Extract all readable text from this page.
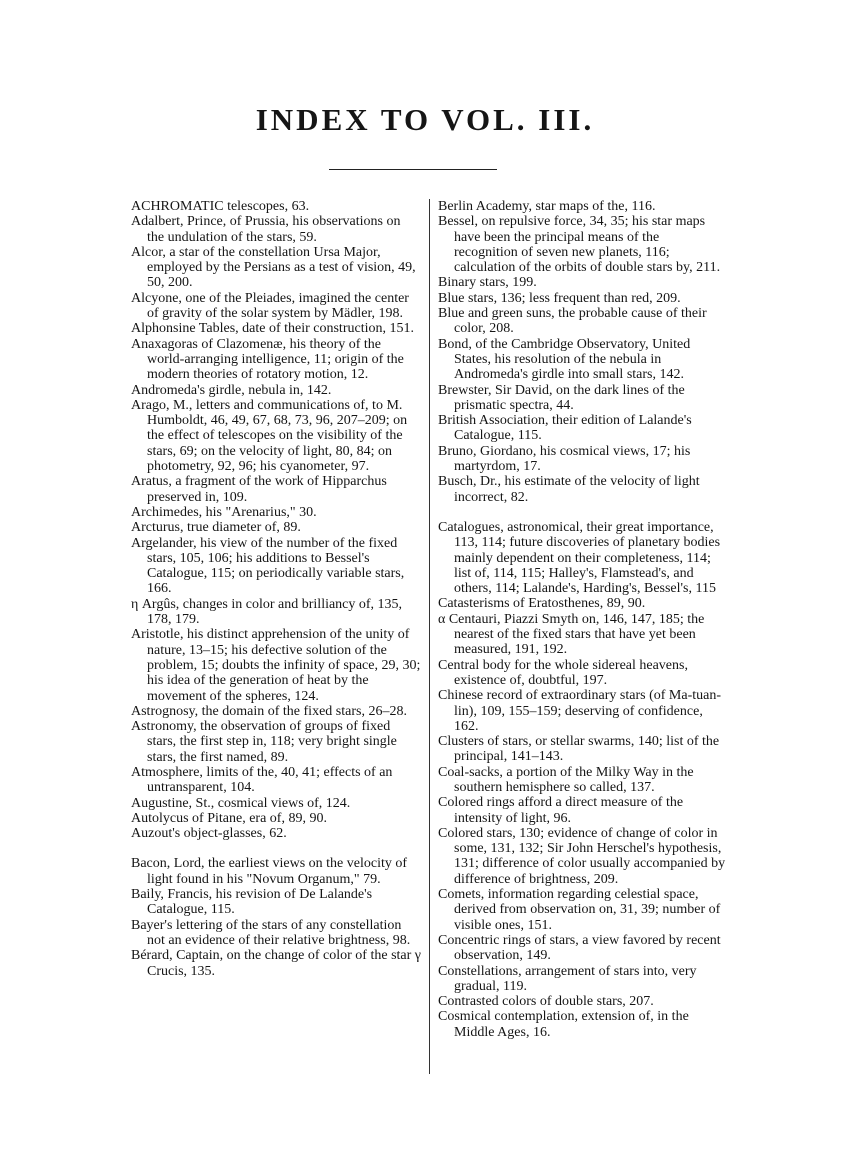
INDEX TO VOL. III.
ACHROMATIC telescopes, 63.
Adalbert, Prince, of Prussia, his observations on the undulation of the stars, 59.
Alcor, a star of the constellation Ursa Major, employed by the Persians as a test of vision, 49, 50, 200.
Alcyone, one of the Pleiades, imagined the center of gravity of the solar system by Mädler, 198.
Alphonsine Tables, date of their construction, 151.
Anaxagoras of Clazomenæ, his theory of the world-arranging intelligence, 11; origin of the modern theories of rotatory motion, 12.
Andromeda's girdle, nebula in, 142.
Arago, M., letters and communications of, to M. Humboldt, 46, 49, 67, 68, 73, 96, 207–209; on the effect of telescopes on the visibility of the stars, 69; on the velocity of light, 80, 84; on photometry, 92, 96; his cyanometer, 97.
Aratus, a fragment of the work of Hipparchus preserved in, 109.
Archimedes, his "Arenarius," 30.
Arcturus, true diameter of, 89.
Argelander, his view of the number of the fixed stars, 105, 106; his additions to Bessel's Catalogue, 115; on periodically variable stars, 166.
η Argûs, changes in color and brilliancy of, 135, 178, 179.
Aristotle, his distinct apprehension of the unity of nature, 13–15; his defective solution of the problem, 15; doubts the infinity of space, 29, 30; his idea of the generation of heat by the movement of the spheres, 124.
Astrognosy, the domain of the fixed stars, 26–28.
Astronomy, the observation of groups of fixed stars, the first step in, 118; very bright single stars, the first named, 89.
Atmosphere, limits of the, 40, 41; effects of an untransparent, 104.
Augustine, St., cosmical views of, 124.
Autolycus of Pitane, era of, 89, 90.
Auzout's object-glasses, 62.
Bacon, Lord, the earliest views on the velocity of light found in his "Novum Organum," 79.
Baily, Francis, his revision of De Lalande's Catalogue, 115.
Bayer's lettering of the stars of any constellation not an evidence of their relative brightness, 98.
Bérard, Captain, on the change of color of the star γ Crucis, 135.
Berlin Academy, star maps of the, 116.
Bessel, on repulsive force, 34, 35; his star maps have been the principal means of the recognition of seven new planets, 116; calculation of the orbits of double stars by, 211.
Binary stars, 199.
Blue stars, 136; less frequent than red, 209.
Blue and green suns, the probable cause of their color, 208.
Bond, of the Cambridge Observatory, United States, his resolution of the nebula in Andromeda's girdle into small stars, 142.
Brewster, Sir David, on the dark lines of the prismatic spectra, 44.
British Association, their edition of Lalande's Catalogue, 115.
Bruno, Giordano, his cosmical views, 17; his martyrdom, 17.
Busch, Dr., his estimate of the velocity of light incorrect, 82.
Catalogues, astronomical, their great importance, 113, 114; future discoveries of planetary bodies mainly dependent on their completeness, 114; list of, 114, 115; Halley's, Flamstead's, and others, 114; Lalande's, Harding's, Bessel's, 115
Catasterisms of Eratosthenes, 89, 90.
α Centauri, Piazzi Smyth on, 146, 147, 185; the nearest of the fixed stars that have yet been measured, 191, 192.
Central body for the whole sidereal heavens, existence of, doubtful, 197.
Chinese record of extraordinary stars (of Ma-tuan-lin), 109, 155–159; deserving of confidence, 162.
Clusters of stars, or stellar swarms, 140; list of the principal, 141–143.
Coal-sacks, a portion of the Milky Way in the southern hemisphere so called, 137.
Colored rings afford a direct measure of the intensity of light, 96.
Colored stars, 130; evidence of change of color in some, 131, 132; Sir John Herschel's hypothesis, 131; difference of color usually accompanied by difference of brightness, 209.
Comets, information regarding celestial space, derived from observation on, 31, 39; number of visible ones, 151.
Concentric rings of stars, a view favored by recent observation, 149.
Constellations, arrangement of stars into, very gradual, 119.
Contrasted colors of double stars, 207.
Cosmical contemplation, extension of, in the Middle Ages, 16.
